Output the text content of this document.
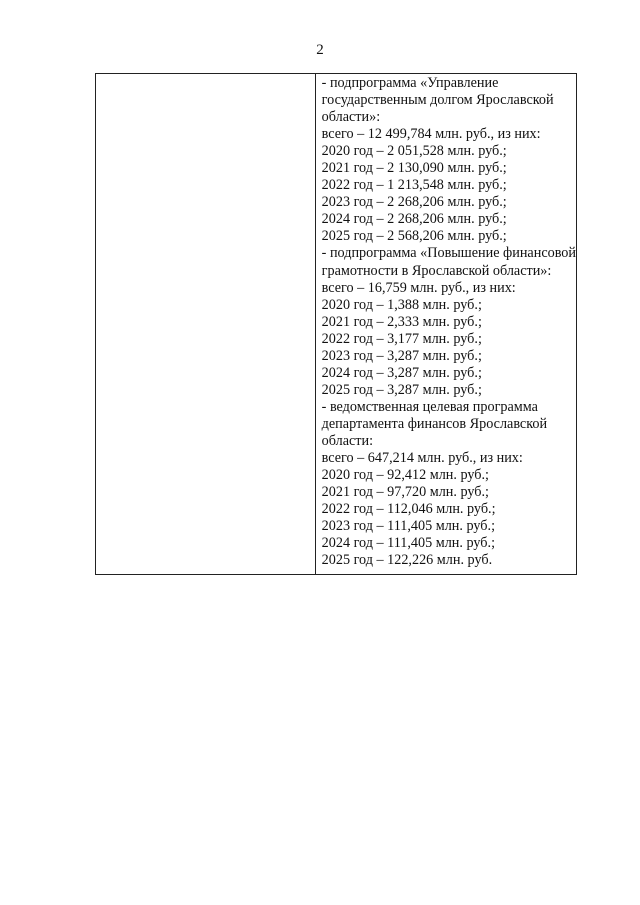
2
- подпрограмма «Управление
государственным долгом Ярославской
области»:
всего – 12 499,784 млн. руб., из них:
2020 год – 2 051,528 млн. руб.;
2021 год – 2 130,090 млн. руб.;
2022 год – 1 213,548 млн. руб.;
2023 год – 2 268,206 млн. руб.;
2024 год – 2 268,206 млн. руб.;
2025 год – 2 568,206 млн. руб.;
- подпрограмма «Повышение финансовой
грамотности в Ярославской области»:
всего – 16,759 млн. руб., из них:
2020 год – 1,388 млн. руб.;
2021 год – 2,333 млн. руб.;
2022 год – 3,177 млн. руб.;
2023 год – 3,287 млн. руб.;
2024 год – 3,287 млн. руб.;
2025 год – 3,287 млн. руб.;
- ведомственная целевая программа
департамента финансов Ярославской
области:
всего – 647,214 млн. руб., из них:
2020 год – 92,412 млн. руб.;
2021 год – 97,720 млн. руб.;
2022 год – 112,046 млн. руб.;
2023 год – 111,405 млн. руб.;
2024 год – 111,405 млн. руб.;
2025 год – 122,226 млн. руб.
